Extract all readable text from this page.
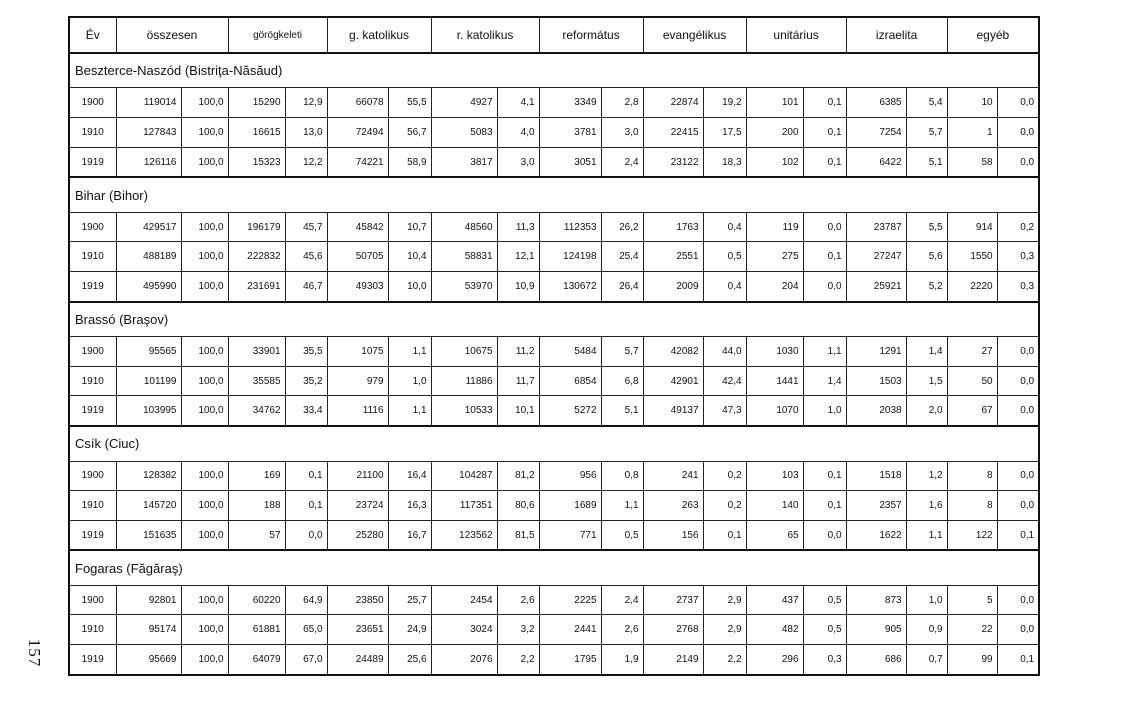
157
Év	összesen		görögkeleti		g. katolikus		r. katolikus		református		evangélikus		unitárius		izraelita		egyéb	
Beszterce-Naszód (Bistriţa-Năsăud)																		
1900	119014	100,0	15290	12,9	66078	55,5	4927	4,1	3349	2,8	22874	19,2	101	0,1	6385	5,4	10	0,0
1910	127843	100,0	16615	13,0	72494	56,7	5083	4,0	3781	3,0	22415	17,5	200	0,1	7254	5,7	1	0,0
1919	126116	100,0	15323	12,2	74221	58,9	3817	3,0	3051	2,4	23122	18,3	102	0,1	6422	5,1	58	0,0
Bihar (Bihor)																		
1900	429517	100,0	196179	45,7	45842	10,7	48560	11,3	112353	26,2	1763	0,4	119	0,0	23787	5,5	914	0,2
1910	488189	100,0	222832	45,6	50705	10,4	58831	12,1	124198	25,4	2551	0,5	275	0,1	27247	5,6	1550	0,3
1919	495990	100,0	231691	46,7	49303	10,0	53970	10,9	130672	26,4	2009	0,4	204	0,0	25921	5,2	2220	0,3
Brassó (Braşov)																		
1900	95565	100,0	33901	35,5	1075	1,1	10675	11,2	5484	5,7	42082	44,0	1030	1,1	1291	1,4	27	0,0
1910	101199	100,0	35585	35,2	979	1,0	11886	11,7	6854	6,8	42901	42,4	1441	1,4	1503	1,5	50	0,0
1919	103995	100,0	34762	33,4	1116	1,1	10533	10,1	5272	5,1	49137	47,3	1070	1,0	2038	2,0	67	0,0
Csík (Ciuc)																		
1900	128382	100,0	169	0,1	21100	16,4	104287	81,2	956	0,8	241	0,2	103	0,1	1518	1,2	8	0,0
1910	145720	100,0	188	0,1	23724	16,3	117351	80,6	1689	1,1	263	0,2	140	0,1	2357	1,6	8	0,0
1919	151635	100,0	57	0,0	25280	16,7	123562	81,5	771	0,5	156	0,1	65	0,0	1622	1,1	122	0,1
Fogaras (Făgăraş)																		
1900	92801	100,0	60220	64,9	23850	25,7	2454	2,6	2225	2,4	2737	2,9	437	0,5	873	1,0	5	0,0
1910	95174	100,0	61881	65,0	23651	24,9	3024	3,2	2441	2,6	2768	2,9	482	0,5	905	0,9	22	0,0
1919	95669	100,0	64079	67,0	24489	25,6	2076	2,2	1795	1,9	2149	2,2	296	0,3	686	0,7	99	0,1
